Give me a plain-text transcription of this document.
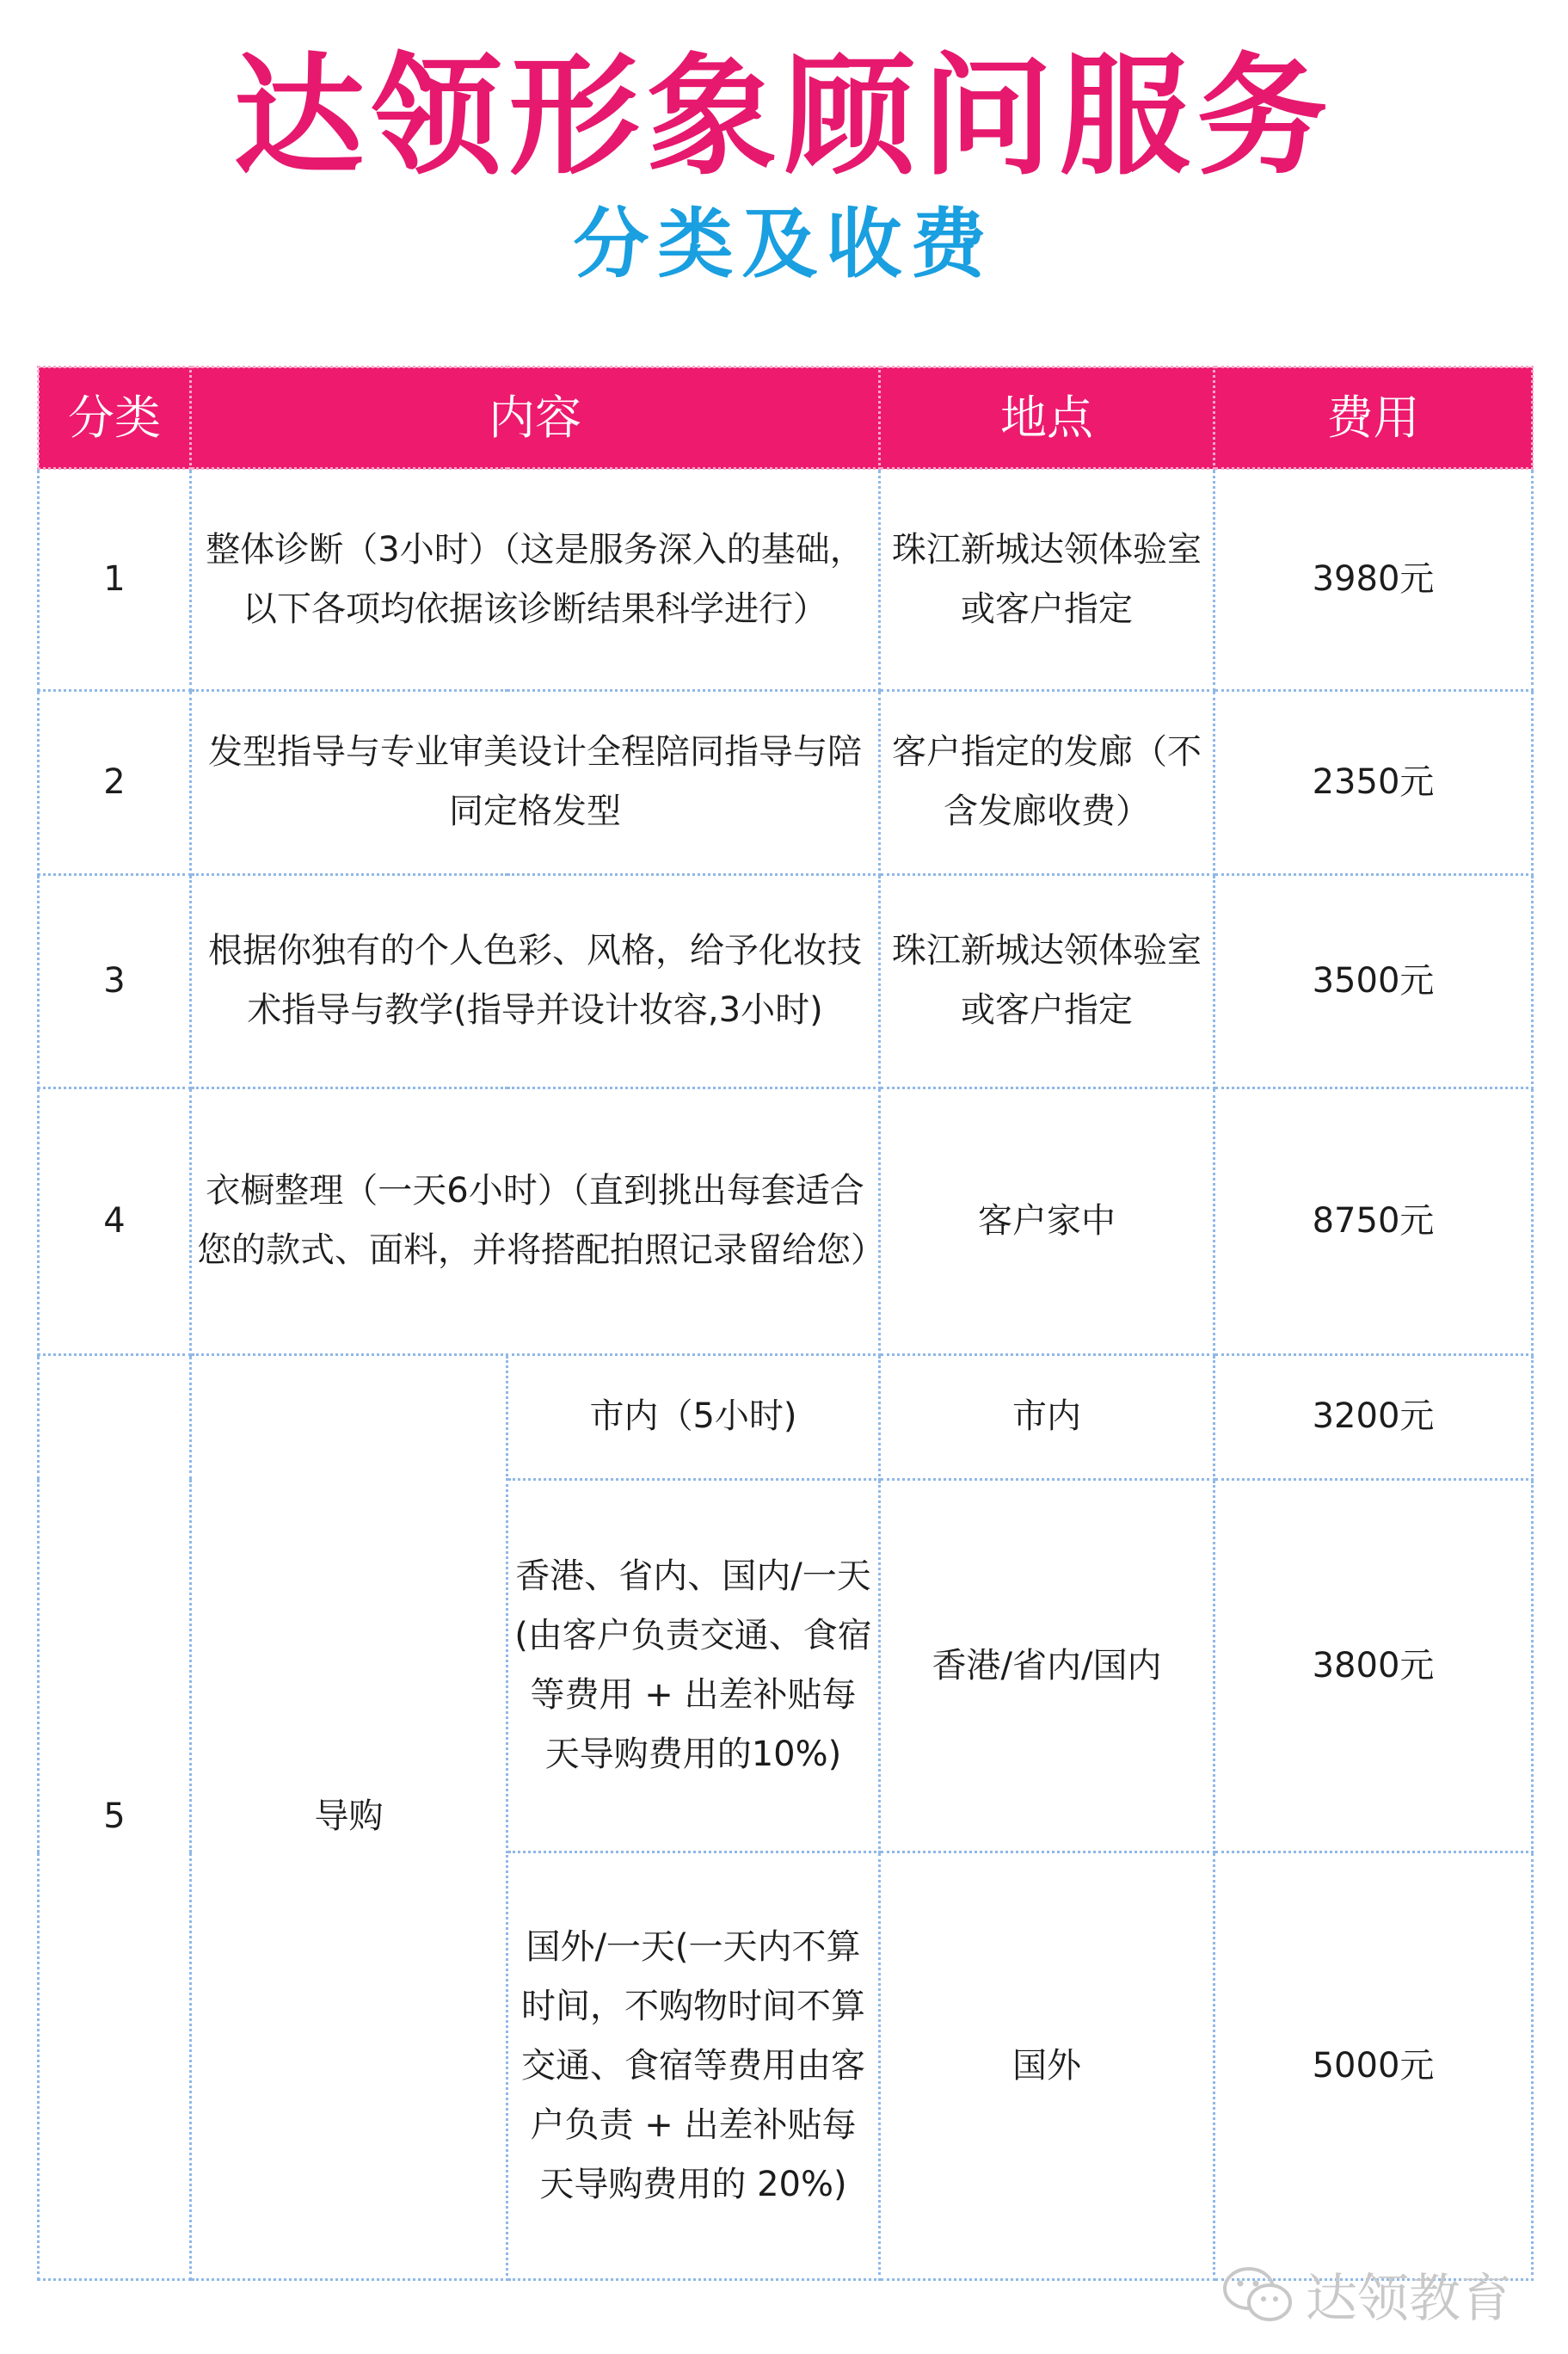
达领形象顾问服务
分类及收费
分类	内容		地点	费用
1	整体诊断（3小时）（这是服务深入的基础，以下各项均依据该诊断结果科学进行）		珠江新城达领体验室或客户指定	3980元
2	发型指导与专业审美设计全程陪同指导与陪同定格发型		客户指定的发廊（不含发廊收费）	2350元
3	根据你独有的个人色彩、风格，给予化妆技术指导与教学(指导并设计妆容,3小时)		珠江新城达领体验室或客户指定	3500元
4	衣橱整理（一天6小时）（直到挑出每套适合您的款式、面料，并将搭配拍照记录留给您）		客户家中	8750元
5	导购	市内（5小时)	市内	3200元
		香港、省内、国内/一天(由客户负责交通、食宿等费用 + 出差补贴每天导购费用的10%)	香港/省内/国内	3800元
		国外/一天(一天内不算时间，不购物时间不算交通、食宿等费用由客户负责 + 出差补贴每天导购费用的 20%)	国外	5000元
达领教育
